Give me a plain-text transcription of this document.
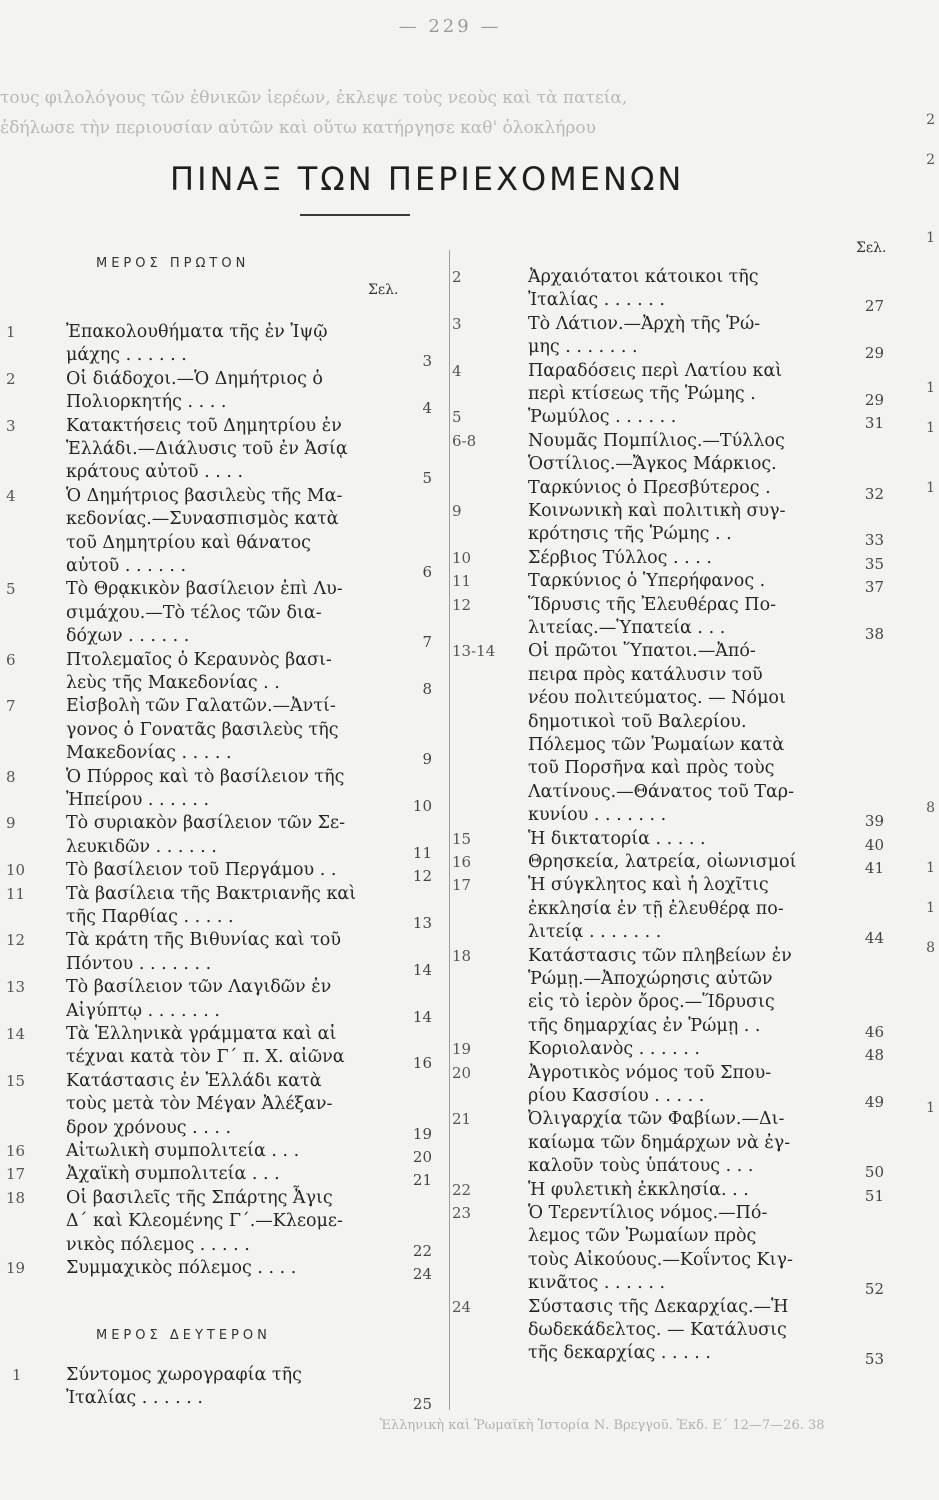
τους φιλολόγους τῶν ἐθνικῶν ἱερέων, ἐκλεψε τοὺς νεοὺς καὶ τὰ πατεία,
ἐδήλωσε τὴν περιουσίαν αὐτῶν καὶ οὕτω κατήργησε καθ' ὁλοκλήρου
— 229 —
ΠΙΝΑΞ ΤΩΝ ΠΕΡΙΕΧΟΜΕΝΩΝ
ΜΕΡΟΣ ΠΡΩΤΟΝ
Σελ.
Σελ.
1	Ἐπακολουθήματα τῆς ἐν Ἰψῷ
μάχης . . . . . .	3
2	Οἱ διάδοχοι.—Ὁ Δημήτριος ὁ
Πολιορκητής . . . .	4
3	Κατακτήσεις τοῦ Δημητρίου ἐν
Ἑλλάδι.—Διάλυσις τοῦ ἐν Ἀσίᾳ
κράτους αὐτοῦ . . . .	5
4	Ὁ Δημήτριος βασιλεὺς τῆς Μα-
κεδονίας.—Συνασπισμὸς κατὰ
τοῦ Δημητρίου καὶ θάνατος
αὐτοῦ . . . . . .	6
5	Τὸ Θρᾳκικὸν βασίλειον ἐπὶ Λυ-
σιμάχου.—Τὸ τέλος τῶν δια-
δόχων . . . . . .	7
6	Πτολεμαῖος ὁ Κεραυνὸς βασι-
λεὺς τῆς Μακεδονίας . .	8
7	Εἰσβολὴ τῶν Γαλατῶν.—Ἀντί-
γονος ὁ Γονατᾶς βασιλεὺς τῆς
Μακεδονίας . . . . .	9
8	Ὁ Πύρρος καὶ τὸ βασίλειον τῆς
Ἠπείρου . . . . . .	10
9	Τὸ συριακὸν βασίλειον τῶν Σε-
λευκιδῶν . . . . . .	11
10 Τὸ βασίλειον τοῦ Περγάμου . .	12
11 Τὰ βασίλεια τῆς Βακτριανῆς καὶ
τῆς Παρθίας . . . . .	13
12 Τὰ κράτη τῆς Βιθυνίας καὶ τοῦ
Πόντου . . . . . . .	14
13 Τὸ βασίλειον τῶν Λαγιδῶν ἐν
Αἰγύπτῳ . . . . . . .	14
14 Τὰ Ἑλληνικὰ γράμματα καὶ αἱ
τέχναι κατὰ τὸν Γ΄ π. Χ. αἰῶνα	16
15 Κατάστασις ἐν Ἑλλάδι κατὰ
τοὺς μετὰ τὸν Μέγαν Ἀλέξαν-
δρον χρόνους . . . .	19
16 Αἰτωλικὴ συμπολιτεία . . .	20
17 Ἀχαϊκὴ συμπολιτεία . . .	21
18 Οἱ βασιλεῖς τῆς Σπάρτης Ἆγις
Δ΄ καὶ Κλεομένης Γ΄.—Κλεομε-
νικὸς πόλεμος . . . . .	22
19 Συμμαχικὸς πόλεμος . . . .	24
1	Σύντομος χωρογραφία τῆς
Ἰταλίας . . . . . .	25
2	Ἀρχαιότατοι κάτοικοι τῆς
Ἰταλίας . . . . . .	27
3	Τὸ Λάτιον.—Ἀρχὴ τῆς Ῥώ-
μης . . . . . . .	29
4	Παραδόσεις περὶ Λατίου καὶ
περὶ κτίσεως τῆς Ῥώμης .	29
5	Ῥωμύλος . . . . . .	31
6-8	Νουμᾶς Πομπίλιος.—Τύλλος
Ὁστίλιος.—Ἄγκος Μάρκιος.
Ταρκύνιος ὁ Πρεσβύτερος .	32
9	Κοινωνικὴ καὶ πολιτικὴ συγ-
κρότησις τῆς Ῥώμης . .	33
10	Σέρβιος Τύλλος . . . .	35
11	Ταρκύνιος ὁ Ὑπερήφανος .	37
12	Ἵδρυσις τῆς Ἐλευθέρας Πο-
λιτείας.—Ὑπατεία . . .	38
13-14 Οἱ πρῶτοι Ὕπατοι.—Ἀπό-
πειρα πρὸς κατάλυσιν τοῦ
νέου πολιτεύματος. — Νόμοι
δημοτικοὶ τοῦ Βαλερίου.
Πόλεμος τῶν Ῥωμαίων κατὰ
τοῦ Πορσῆνα καὶ πρὸς τοὺς
Λατίνους.—Θάνατος τοῦ Ταρ-
κυνίου . . . . . . .	39
15	Ἡ δικτατορία . . . . .	40
16	Θρησκεία, λατρεία, οἰωνισμοί	41
17	Ἡ σύγκλητος καὶ ἡ λοχῖτις
ἐκκλησία ἐν τῇ ἐλευθέρᾳ πο-
λιτείᾳ . . . . . . .	44
18	Κατάστασις τῶν πληβείων ἐν
Ῥώμῃ.—Ἀποχώρησις αὐτῶν
εἰς τὸ ἱερὸν ὄρος.—Ἵδρυσις
τῆς δημαρχίας ἐν Ῥώμῃ . .	46
19	Κοριολανὸς . . . . . .	48
20	Ἀγροτικὸς νόμος τοῦ Σπου-
ρίου Κασσίου . . . . .	49
21	Ὀλιγαρχία τῶν Φαβίων.—Δι-
καίωμα τῶν δημάρχων νὰ ἐγ-
καλοῦν τοὺς ὑπάτους . . .	50
22	Ἡ φυλετικὴ ἐκκλησία. . .	51
23	Ὁ Τερεντίλιος νόμος.—Πό-
λεμος τῶν Ῥωμαίων πρὸς
τοὺς Αἰκούους.—Κοΐντος Κιγ-
κινᾶτος . . . . . .	52
24	Σύστασις τῆς Δεκαρχίας.—Ἡ
δωδεκάδελτος. — Κατάλυσις
τῆς δεκαρχίας . . . . .	53
ΜΕΡΟΣ ΔΕΥΤΕΡΟΝ
Ἑλληνικὴ καὶ Ῥωμαϊκὴ Ἱστορία Ν. Βρεγγοῦ. Ἐκδ. Ε΄ 12—7—26. 38
2
2
1
1
1
1
8
1
1
8
1
